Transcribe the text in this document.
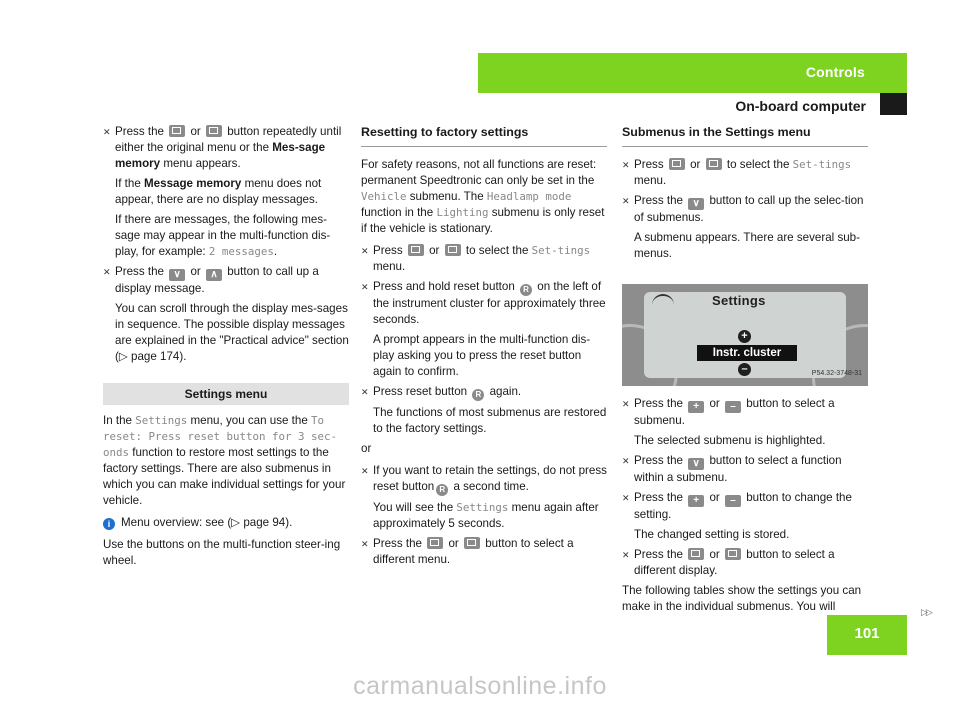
Controls
On-board computer

✕ Press the or button repeatedly until either the original menu or the Mes-sage memory menu appears.

If the Message memory menu does not appear, there are no display messages.

If there are messages, the following mes-sage may appear in the multi-function dis-play, for example: 2 messages.

✕ Press the ∨ or ∧ button to call up a display message.

You can scroll through the display mes-sages in sequence. The possible display messages are explained in the "Practical advice" section (▷ page 174).

Settings menu

In the Settings menu, you can use the To reset: Press reset button for 3 sec-onds function to restore most settings to the factory settings. There are also submenus in which you can make individual settings for your vehicle.

i Menu overview: see (▷ page 94).

Use the buttons on the multi-function steer-ing wheel.

Resetting to factory settings

For safety reasons, not all functions are reset: permanent Speedtronic can only be set in the Vehicle submenu. The Headlamp mode function in the Lighting submenu is only reset if the vehicle is stationary.

✕ Press or to select the Set-tings menu.

✕ Press and hold reset button R on the left of the instrument cluster for approximately three seconds.

A prompt appears in the multi-function dis-play asking you to press the reset button again to confirm.

✕ Press reset button R again.

The functions of most submenus are restored to the factory settings.

or

✕ If you want to retain the settings, do not press reset button R a second time.

You will see the Settings menu again after approximately 5 seconds.

✕ Press the or button to select a different menu.

Submenus in the Settings menu

✕ Press or to select the Set-tings menu.

✕ Press the ∨ button to call up the selec-tion of submenus.

A submenu appears. There are several sub-menus.

Settings
+
Instr. cluster
–	P54.32-3748-31

✕ Press the + or – button to select a submenu.

The selected submenu is highlighted.

✕ Press the ∨ button to select a function within a submenu.

✕ Press the + or – button to change the setting.

The changed setting is stored.

✕ Press the or button to select a different display.

The following tables show the settings you can make in the individual submenus. You will	▷▷
101
carmanualsonline.info
